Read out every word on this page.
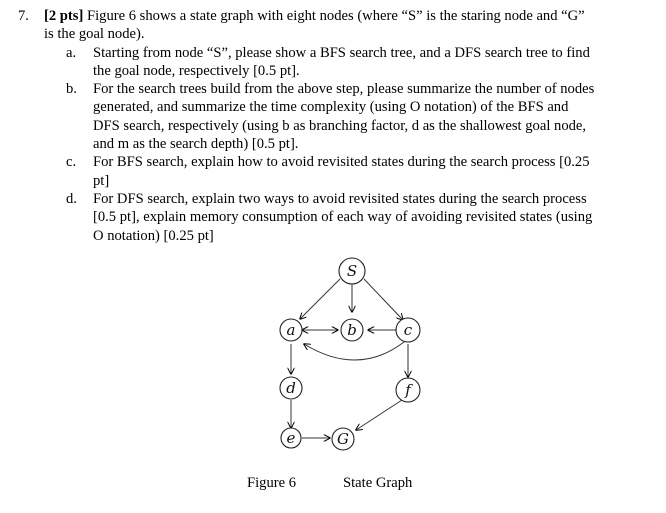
7.	[2 pts] Figure 6 shows a state graph with eight nodes (where “S” is the staring node and “G”
is the goal node).
a.	Starting from node “S”, please show a BFS search tree, and a DFS search tree to find
the goal node, respectively [0.5 pt].
b.	For the search trees build from the above step, please summarize the number of nodes
generated, and summarize the time complexity (using O notation) of the BFS and
DFS search, respectively (using b as branching factor, d as the shallowest goal node,
and m as the search depth) [0.5 pt].
c.	For BFS search, explain how to avoid revisited states during the search process [0.25
pt]
d.	For DFS search, explain two ways to avoid revisited states during the search process
[0.5 pt], explain memory consumption of each way of avoiding revisited states (using
O notation) [0.25 pt]
S
a	b	c
d	f
e	G
Figure 6	State Graph
